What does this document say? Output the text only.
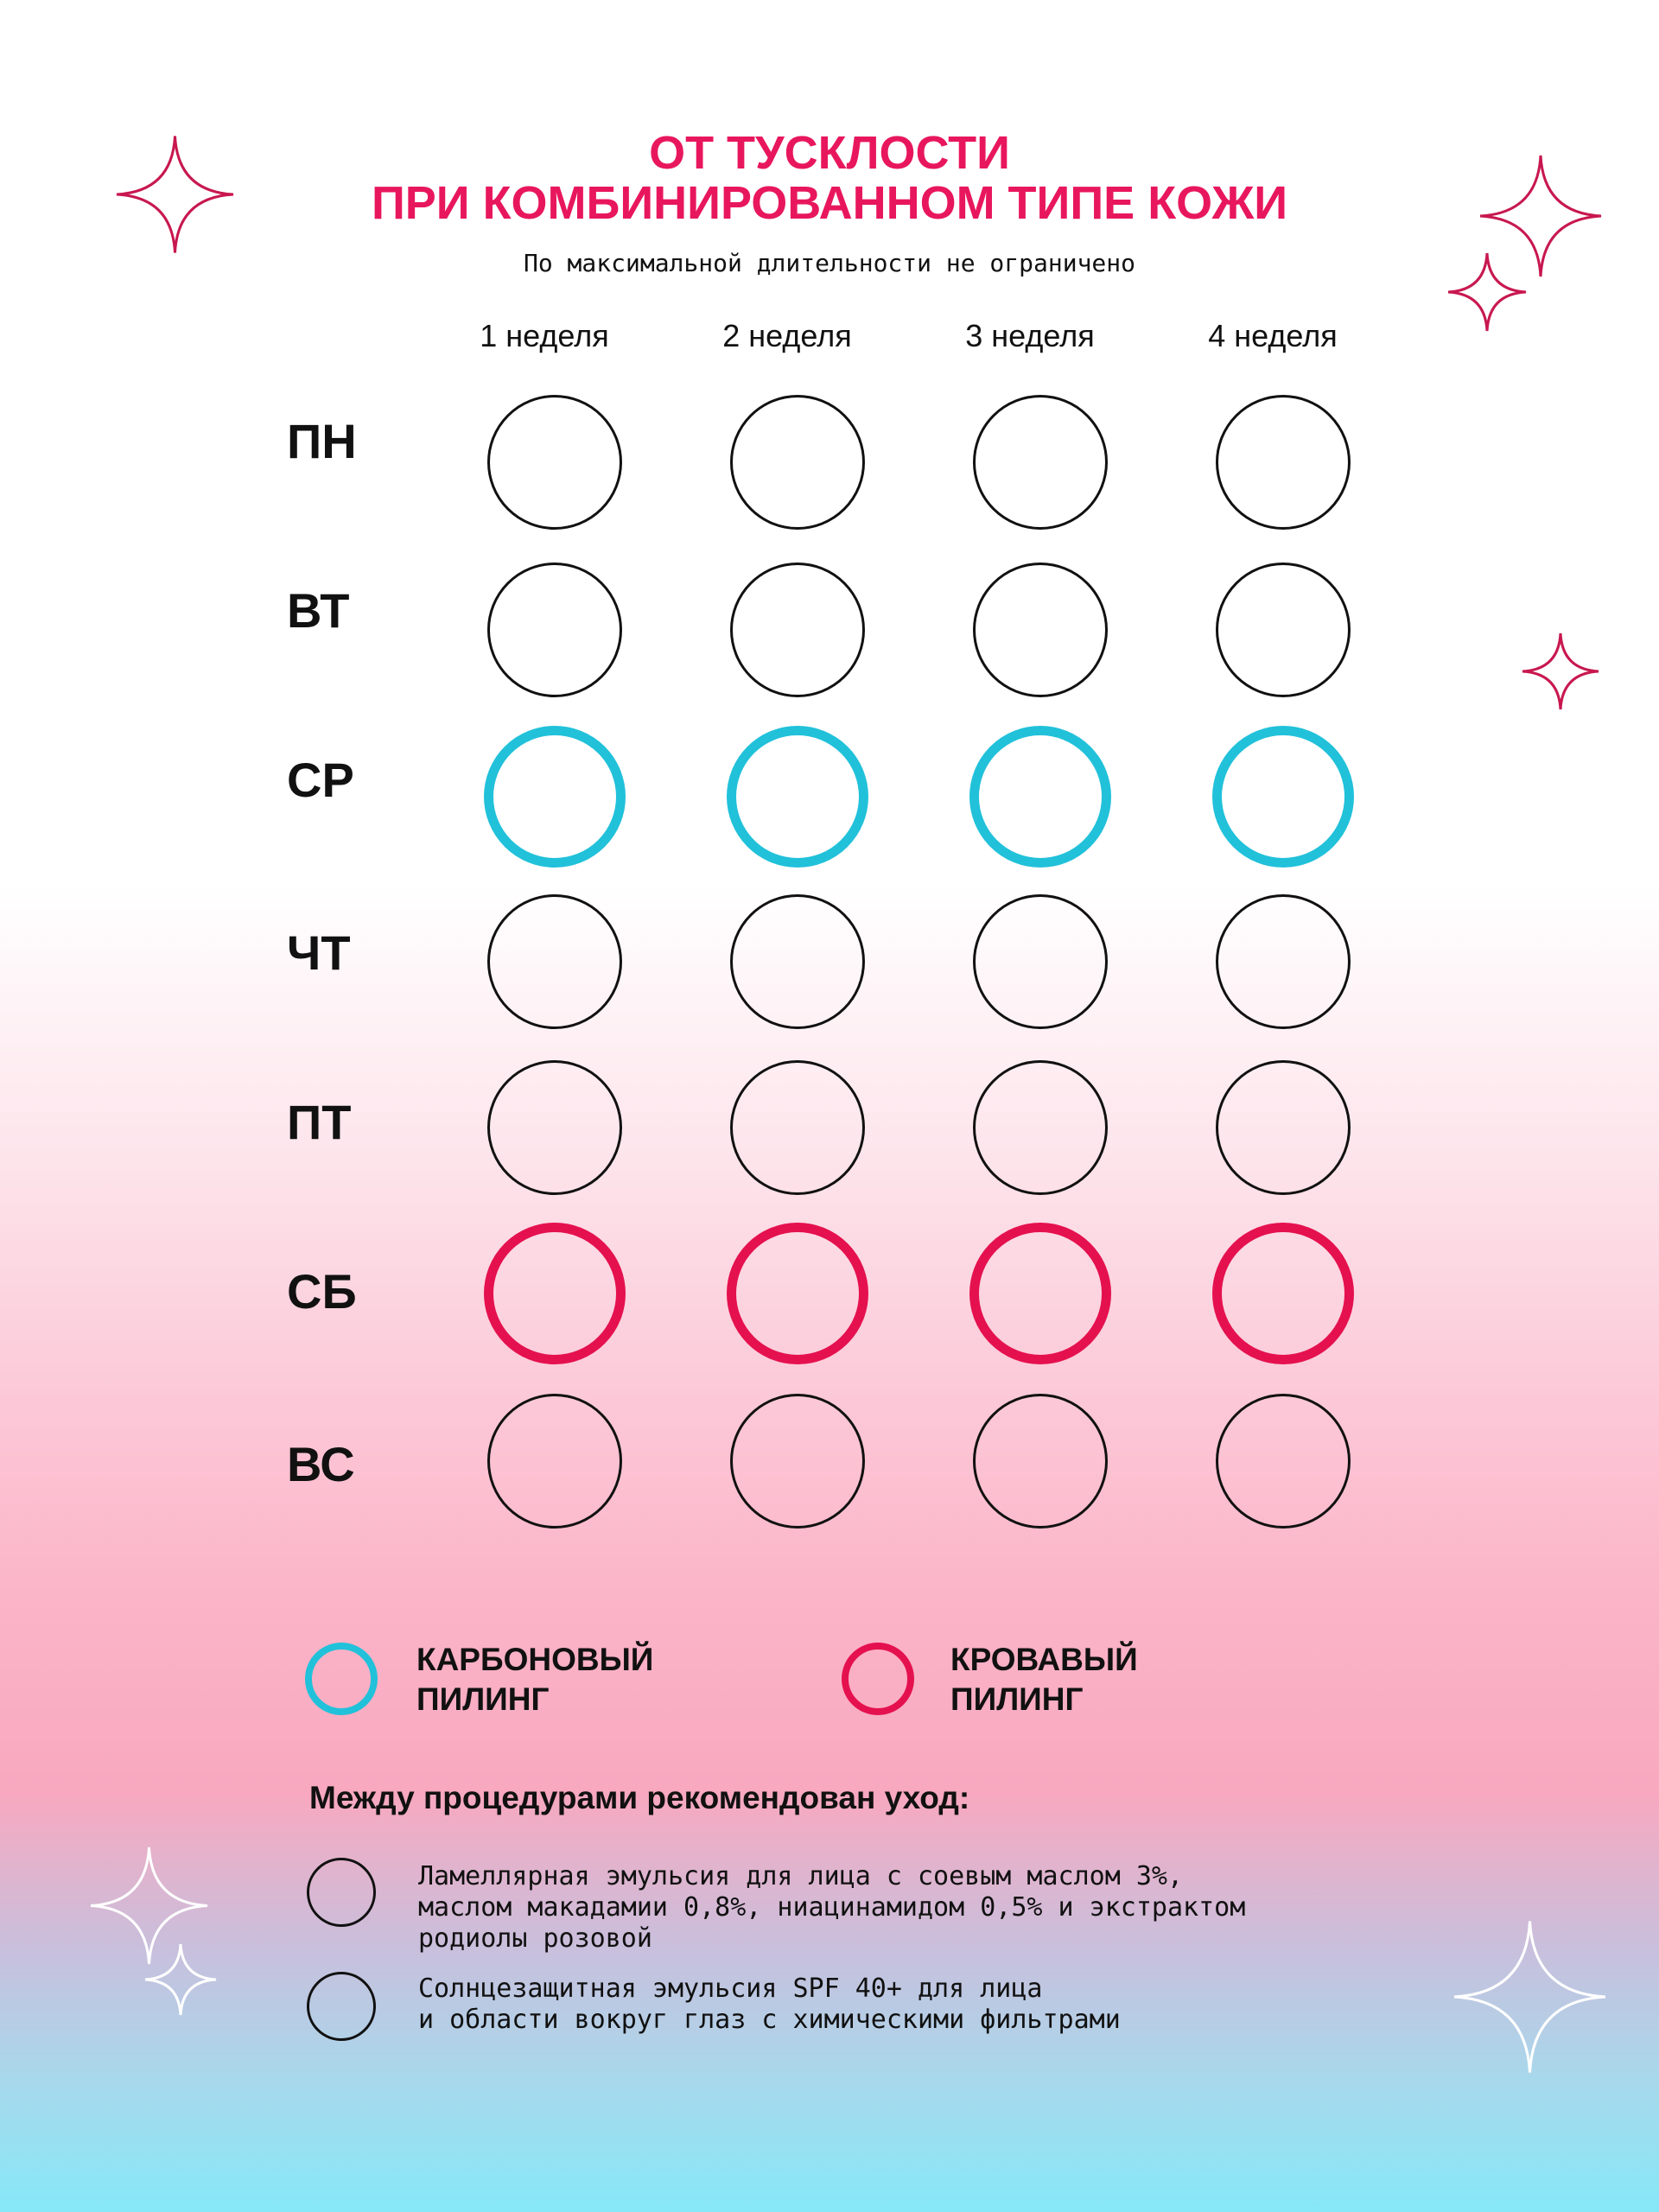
ОТ ТУСКЛОСТИ
ПРИ КОМБИНИРОВАННОМ ТИПЕ КОЖИ
По максимальной длительности не ограничено
1 неделя	2 неделя	3 неделя	4 неделя
ПН
ВТ
СР
ЧТ
ПТ
СБ
ВС
КАРБОНОВЫЙ
ПИЛИНГ
КРОВАВЫЙ
ПИЛИНГ
Между процедурами рекомендован уход:
Ламеллярная эмульсия для лица с соевым маслом 3%,
маслом макадамии 0,8%, ниацинамидом 0,5% и экстрактом
родиолы розовой
Солнцезащитная эмульсия SPF 40+ для лица
и области вокруг глаз с химическими фильтрами
